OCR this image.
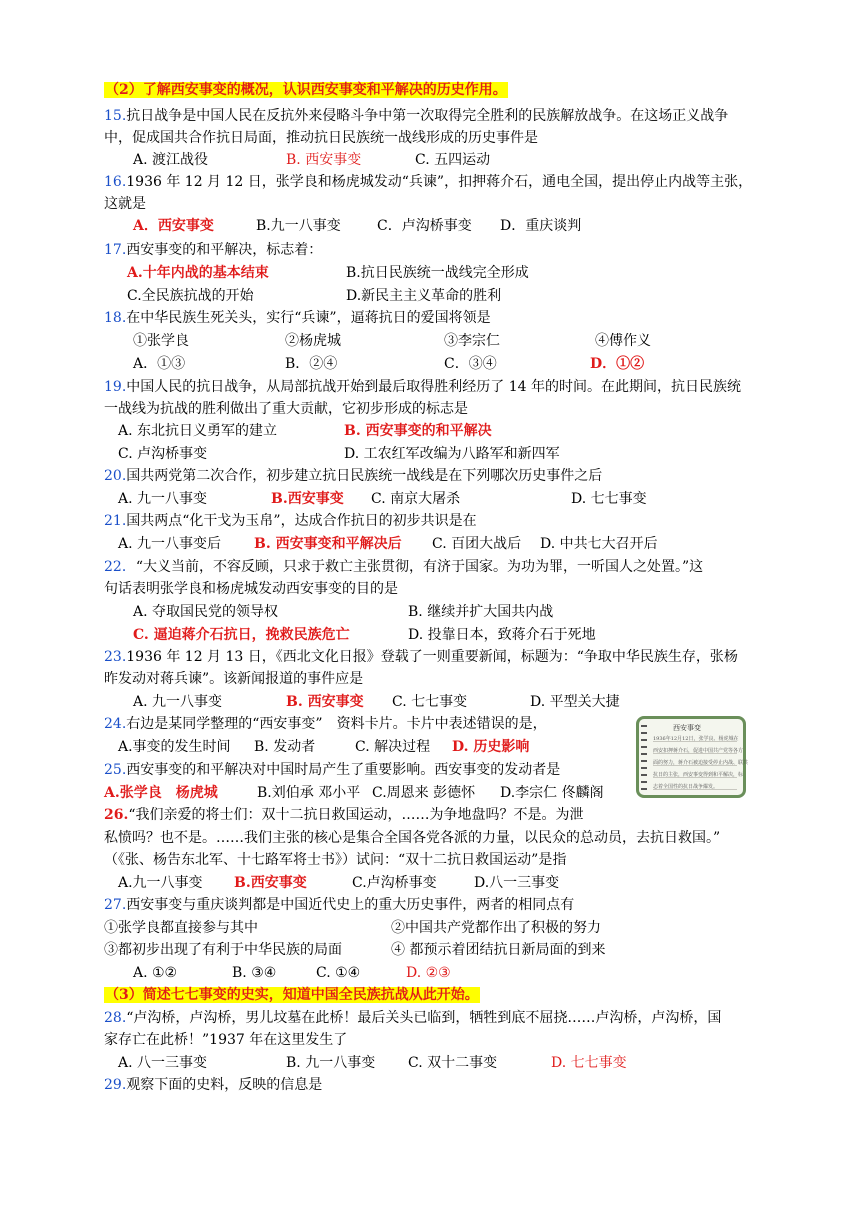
（2）了解西安事变的概况，认识西安事变和平解决的历史作用。
15.抗日战争是中国人民在反抗外来侵略斗争中第一次取得完全胜利的民族解放战争。在这场正义战争
中，促成国共合作抗日局面，推动抗日民族统一战线形成的历史事件是
A. 渡江战役	B. 西安事变	C. 五四运动
16.1936 年 12 月 12 日，张学良和杨虎城发动“兵谏”，扣押蒋介石，通电全国，提出停止内战等主张，
这就是
A．西安事变	B.九一八事变	C．卢沟桥事变 D．重庆谈判
17.西安事变的和平解决，标志着：
A.十年内战的基本结束	B.抗日民族统一战线完全形成
C.全民族抗战的开始	D.新民主主义革命的胜利
18.在中华民族生死关头，实行“兵谏”，逼蒋抗日的爱国将领是
①张学良	②杨虎城	③李宗仁	④傅作义
A．①③	B．②④	C．③④	D．①②
19.中国人民的抗日战争，从局部抗战开始到最后取得胜利经历了 14 年的时间。在此期间，抗日民族统
一战线为抗战的胜利做出了重大贡献，它初步形成的标志是
A. 东北抗日义勇军的建立	B. 西安事变的和平解决
C. 卢沟桥事变	D. 工农红军改编为八路军和新四军
20.国共两党第二次合作，初步建立抗日民族统一战线是在下列哪次历史事件之后
A. 九一八事变	B.西安事变 C. 南京大屠杀	D. 七七事变
21.国共两点“化干戈为玉帛”，达成合作抗日的初步共识是在
A. 九一八事变后 B. 西安事变和平解决后 C. 百团大战后 D. 中共七大召开后
22．“大义当前，不容反顾，只求于救亡主张贯彻，有济于国家。为功为罪，一听国人之处置。”这
句话表明张学良和杨虎城发动西安事变的目的是
A. 夺取国民党的领导权	B. 继续并扩大国共内战
C. 逼迫蒋介石抗日，挽救民族危亡	D. 投靠日本，致蒋介石于死地
23.1936 年 12 月 13 日，《西北文化日报》登载了一则重要新闻，标题为：“争取中华民族生存，张杨
昨发动对蒋兵谏”。该新闻报道的事件应是
A. 九一八事变	B. 西安事变 C. 七七事变	D. 平型关大捷
24.右边是某同学整理的“西安事变”　资料卡片。卡片中表述错误的是，
A.事变的发生时间 B. 发动者	C. 解决过程 D. 历史影响
西安事变
1936年12月12日，张学良、杨虎城在
西安扣押蒋介石，促进中国共产党等各方
面的努力，蒋介石被迫接受停止内战、联共
抗日的主张，西安事变得到和平解决，标
志着全国性的抗日战争爆发。
25.西安事变的和平解决对中国时局产生了重要影响。西安事变的发动者是
A.张学良　杨虎城	B.刘伯承 邓小平 C.周恩来 彭德怀 D.李宗仁 佟麟阁
26.“我们亲爱的将士们：双十二抗日救国运动，……为争地盘吗？不是。为泄
私愤吗？也不是。……我们主张的核心是集合全国各党各派的力量，以民众的总动员，去抗日救国。”
（《张、杨告东北军、十七路军将士书》）试问：“双十二抗日救国运动”是指
A.九一八事变 B.西安事变	C.卢沟桥事变	D.八一三事变
27.西安事变与重庆谈判都是中国近代史上的重大历史事件，两者的相同点有
①张学良都直接参与其中	②中国共产党都作出了积极的努力
③都初步出现了有利于中华民族的局面	④ 都预示着团结抗日新局面的到来
A. ①②	B. ③④	C. ①④	D. ②③
（3）简述七七事变的史实，知道中国全民族抗战从此开始。
28.“卢沟桥，卢沟桥，男儿坟墓在此桥！最后关头已临到，牺牲到底不屈挠……卢沟桥，卢沟桥，国
家存亡在此桥！”1937 年在这里发生了
A. 八一三事变	B. 九一八事变 C. 双十二事变	D. 七七事变
29.观察下面的史料，反映的信息是
